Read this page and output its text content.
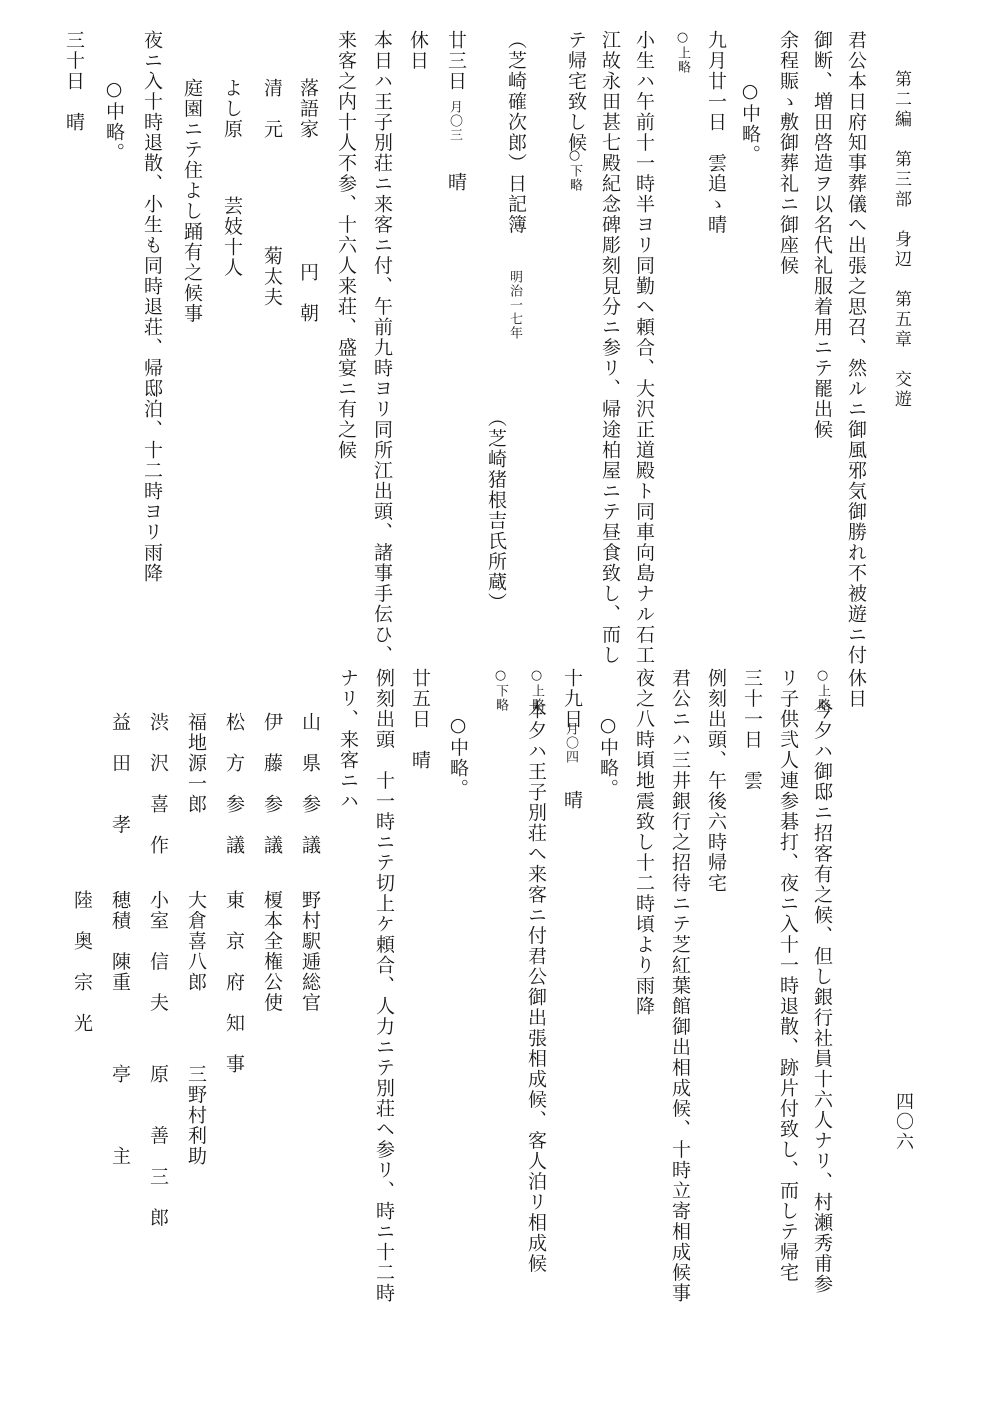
第二編　第三部　身辺　第五章　交遊
四〇六
君公本日府知事葬儀へ出張之思召、然ルニ御風邪気御勝れ不被遊ニ付
御断、増田啓造ヲ以名代礼服着用ニテ罷出候
余程賑ゝ敷御葬礼ニ御座候
○中略。
九月廿一日　雲追ゝ晴
○上略
小生ハ午前十一時半ヨリ同勤ヘ頼合、大沢正道殿ト同車向島ナル石工
江故永田甚七殿紀念碑彫刻見分ニ参リ、帰途柏屋ニテ昼食致し、而し
テ帰宅致し候
○下略
（芝崎確次郎）日記簿
明治一七年
（芝崎猪根吉氏所蔵）
廿三日
月〇三
晴
休日
本日ハ王子別荘ニ来客ニ付、午前九時ヨリ同所江出頭、諸事手伝ひ、
来客之内十人不参、十六人来荘、盛宴ニ有之候
落語家
円　朝
清　元
菊太夫
よし原
芸妓十人
庭園ニテ住よし踊有之候事
夜ニ入十時退散、小生も同時退荘、帰邸泊、十二時ヨリ雨降
○中略。
三十日　晴
休日
○上略
今夕ハ御邸ニ招客有之候、但し銀行社員十六人ナリ、村瀬秀甫参
リ子供弐人連参碁打、夜ニ入十一時退散、跡片付致し、而しテ帰宅
三十一日　雲
例刻出頭、午後六時帰宅
君公ニハ三井銀行之招待ニテ芝紅葉館御出相成候、十時立寄相成候事
夜之八時頃地震致し十二時頃より雨降
○中略。
十九日
月〇四
晴
○上略
本夕ハ王子別荘へ来客ニ付君公御出張相成候、客人泊リ相成候
○下略
○中略。
廿五日　晴
例刻出頭　十一時ニテ切上ケ頼合、人力ニテ別荘ヘ参リ、時ニ十二時
ナリ、来客ニハ
山　県　参　議
野村駅逓総官
伊　藤　参　議
榎本全権公使
松　方　参　議
東　京　府　知　事
福地源一郎
大倉喜八郎
三野村利助
渋　沢　喜　作
小室　信　夫
原　　善　三　郎
益　田　　孝
穂積　陳重
亭　　　主
陸　奥　宗　光
